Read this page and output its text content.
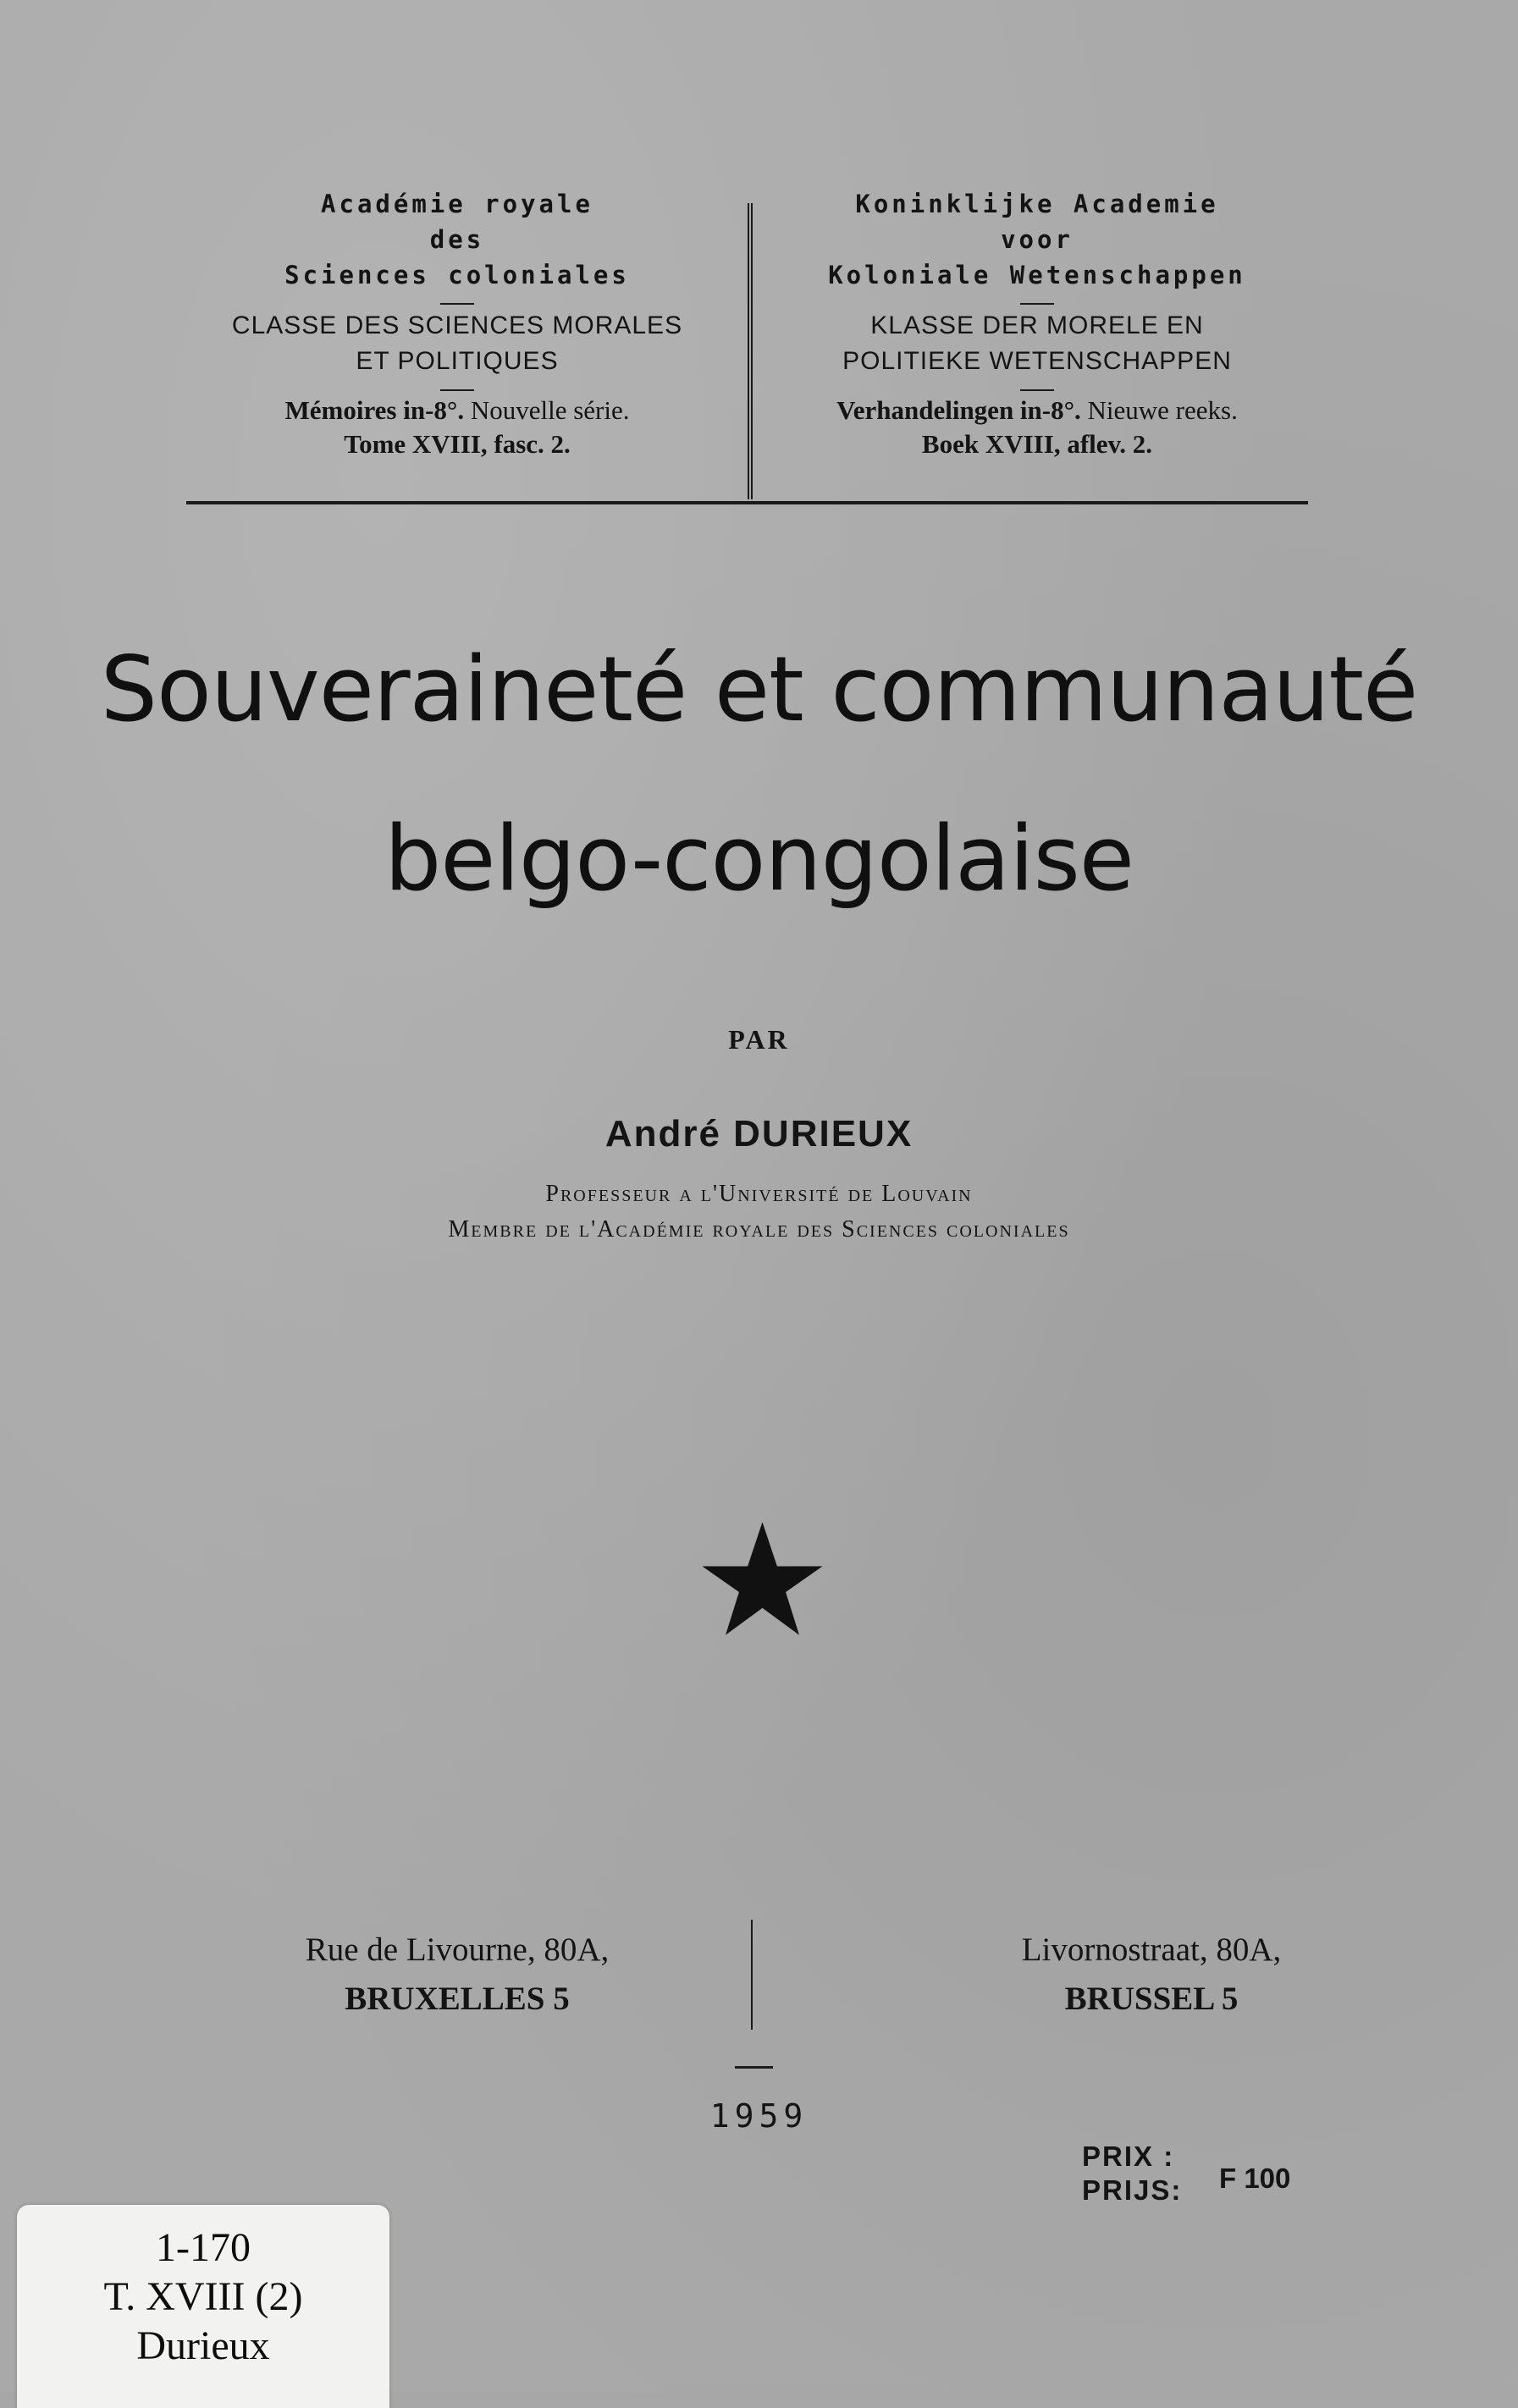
Académie royale
des
Sciences coloniales
CLASSE DES SCIENCES MORALES
ET POLITIQUES
Mémoires in-8°. Nouvelle série.
Tome XVIII, fasc. 2.
Koninklijke Academie
voor
Koloniale Wetenschappen
KLASSE DER MORELE EN
POLITIEKE WETENSCHAPPEN
Verhandelingen in-8°. Nieuwe reeks.
Boek XVIII, aflev. 2.
Souveraineté et communauté
belgo-congolaise
PAR
André DURIEUX
Professeur a l'Université de Louvain
Membre de l'Académie royale des Sciences coloniales
Rue de Livourne, 80A,
BRUXELLES 5
Livornostraat, 80A,
BRUSSEL 5
1959
PRIX :
PRIJS: F 100
1-170
T. XVIII (2)
Durieux
